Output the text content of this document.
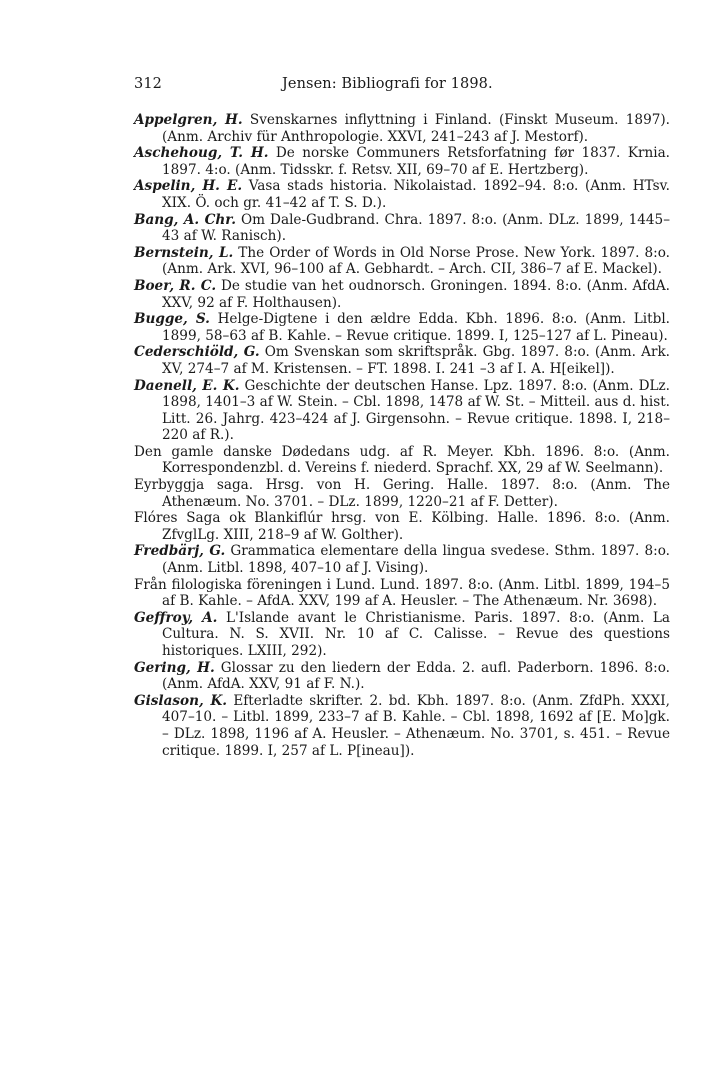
312	Jensen: Bibliografi for 1898.

Appelgren, H. Svenskarnes inflyttning i Finland. (Finskt Museum. 1897). (Anm. Archiv für Anthropologie. XXVI, 241–243 af J. Mestorf).

Aschehoug, T. H. De norske Communers Retsforfatning før 1837. Krnia. 1897. 4:o. (Anm. Tidsskr. f. Retsv. XII, 69–70 af E. Hertzberg).

Aspelin, H. E. Vasa stads historia. Nikolaistad. 1892–94. 8:o. (Anm. HTsv. XIX. Ö. och gr. 41–42 af T. S. D.).

Bang, A. Chr. Om Dale-Gudbrand. Chra. 1897. 8:o. (Anm. DLz. 1899, 1445–43 af W. Ranisch).

Bernstein, L. The Order of Words in Old Norse Prose. New York. 1897. 8:o. (Anm. Ark. XVI, 96–100 af A. Gebhardt. – Arch. CII, 386–7 af E. Mackel).

Boer, R. C. De studie van het oudnorsch. Groningen. 1894. 8:o. (Anm. AfdA. XXV, 92 af F. Holthausen).

Bugge, S. Helge-Digtene i den ældre Edda. Kbh. 1896. 8:o. (Anm. Litbl. 1899, 58–63 af B. Kahle. – Revue critique. 1899. I, 125–127 af L. Pineau).

Cederschiöld, G. Om Svenskan som skriftspråk. Gbg. 1897. 8:o. (Anm. Ark. XV, 274–7 af M. Kristensen. – FT. 1898. I. 241 –3 af I. A. H[eikel]).

Daenell, E. K. Geschichte der deutschen Hanse. Lpz. 1897. 8:o. (Anm. DLz. 1898, 1401–3 af W. Stein. – Cbl. 1898, 1478 af W. St. – Mitteil. aus d. hist. Litt. 26. Jahrg. 423–424 af J. Girgensohn. – Revue critique. 1898. I, 218–220 af R.).

Den gamle danske Dødedans udg. af R. Meyer. Kbh. 1896. 8:o. (Anm. Korrespondenzbl. d. Vereins f. niederd. Sprachf. XX, 29 af W. Seelmann).

Eyrbyggja saga. Hrsg. von H. Gering. Halle. 1897. 8:o. (Anm. The Athenæum. No. 3701. – DLz. 1899, 1220–21 af F. Detter).

Flóres Saga ok Blankiflúr hrsg. von E. Kölbing. Halle. 1896. 8:o. (Anm. ZfvglLg. XIII, 218–9 af W. Golther).

Fredbärj, G. Grammatica elementare della lingua svedese. Sthm. 1897. 8:o. (Anm. Litbl. 1898, 407–10 af J. Vising).

Från filologiska föreningen i Lund. Lund. 1897. 8:o. (Anm. Litbl. 1899, 194–5 af B. Kahle. – AfdA. XXV, 199 af A. Heusler. – The Athenæum. Nr. 3698).

Geffroy, A. L'Islande avant le Christianisme. Paris. 1897. 8:o. (Anm. La Cultura. N. S. XVII. Nr. 10 af C. Calisse. – Revue des questions historiques. LXIII, 292).

Gering, H. Glossar zu den liedern der Edda. 2. aufl. Paderborn. 1896. 8:o. (Anm. AfdA. XXV, 91 af F. N.).

Gislason, K. Efterladte skrifter. 2. bd. Kbh. 1897. 8:o. (Anm. ZfdPh. XXXI, 407–10. – Litbl. 1899, 233–7 af B. Kahle. – Cbl. 1898, 1692 af [E. Mo]gk. – DLz. 1898, 1196 af A. Heusler. – Athenæum. No. 3701, s. 451. – Revue critique. 1899. I, 257 af L. P[ineau]).
